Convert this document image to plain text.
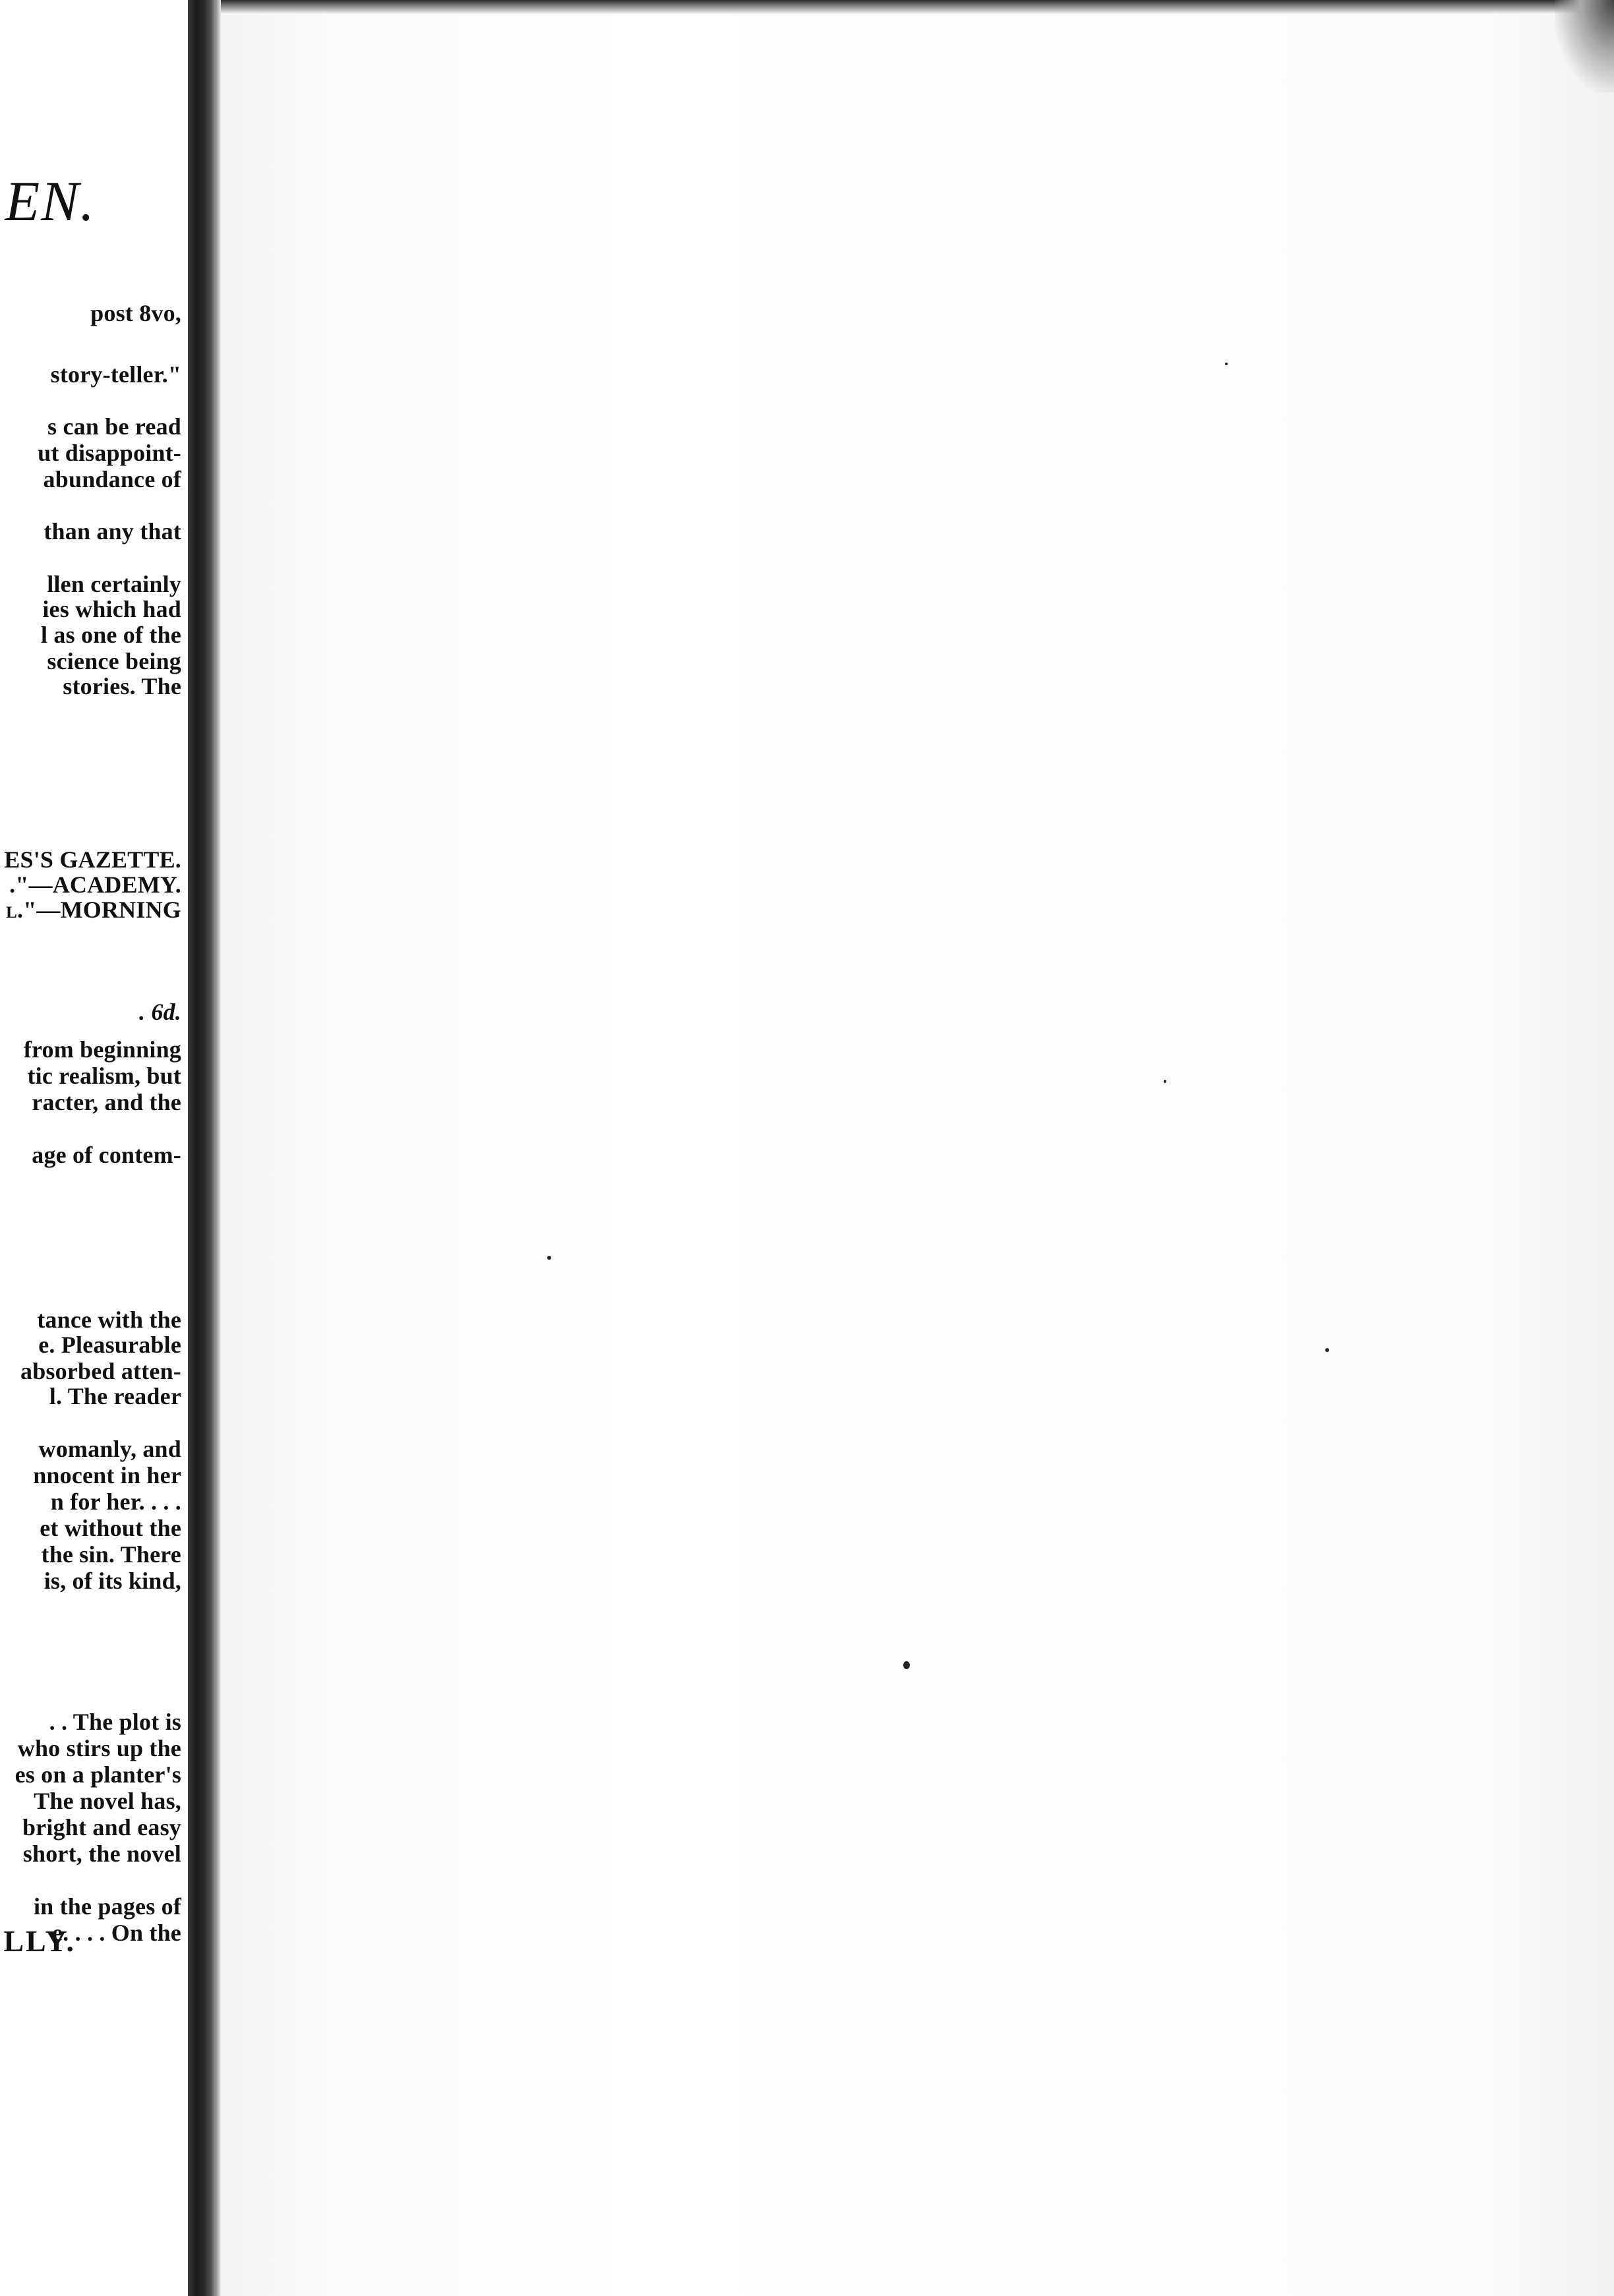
EN.
post 8vo,
story-teller."
s can be read
ut disappoint-
abundance of
than any that
llen certainly
ies which had
l as one of the
science being
stories. The
ES'S GAZETTE.
."—ACADEMY.
l."—MORNING
. 6d.
from beginning
tic realism, but
racter, and the
age of contem-
tance with the
e. Pleasurable
absorbed atten-
l. The reader
womanly, and
nnocent in her
n for her. . . .
et without the
the sin. There
is, of its kind,
. . The plot is
who stirs up the
es on a planter's
The novel has,
bright and easy
short, the novel
in the pages of
e. . . . On the
LLY.
